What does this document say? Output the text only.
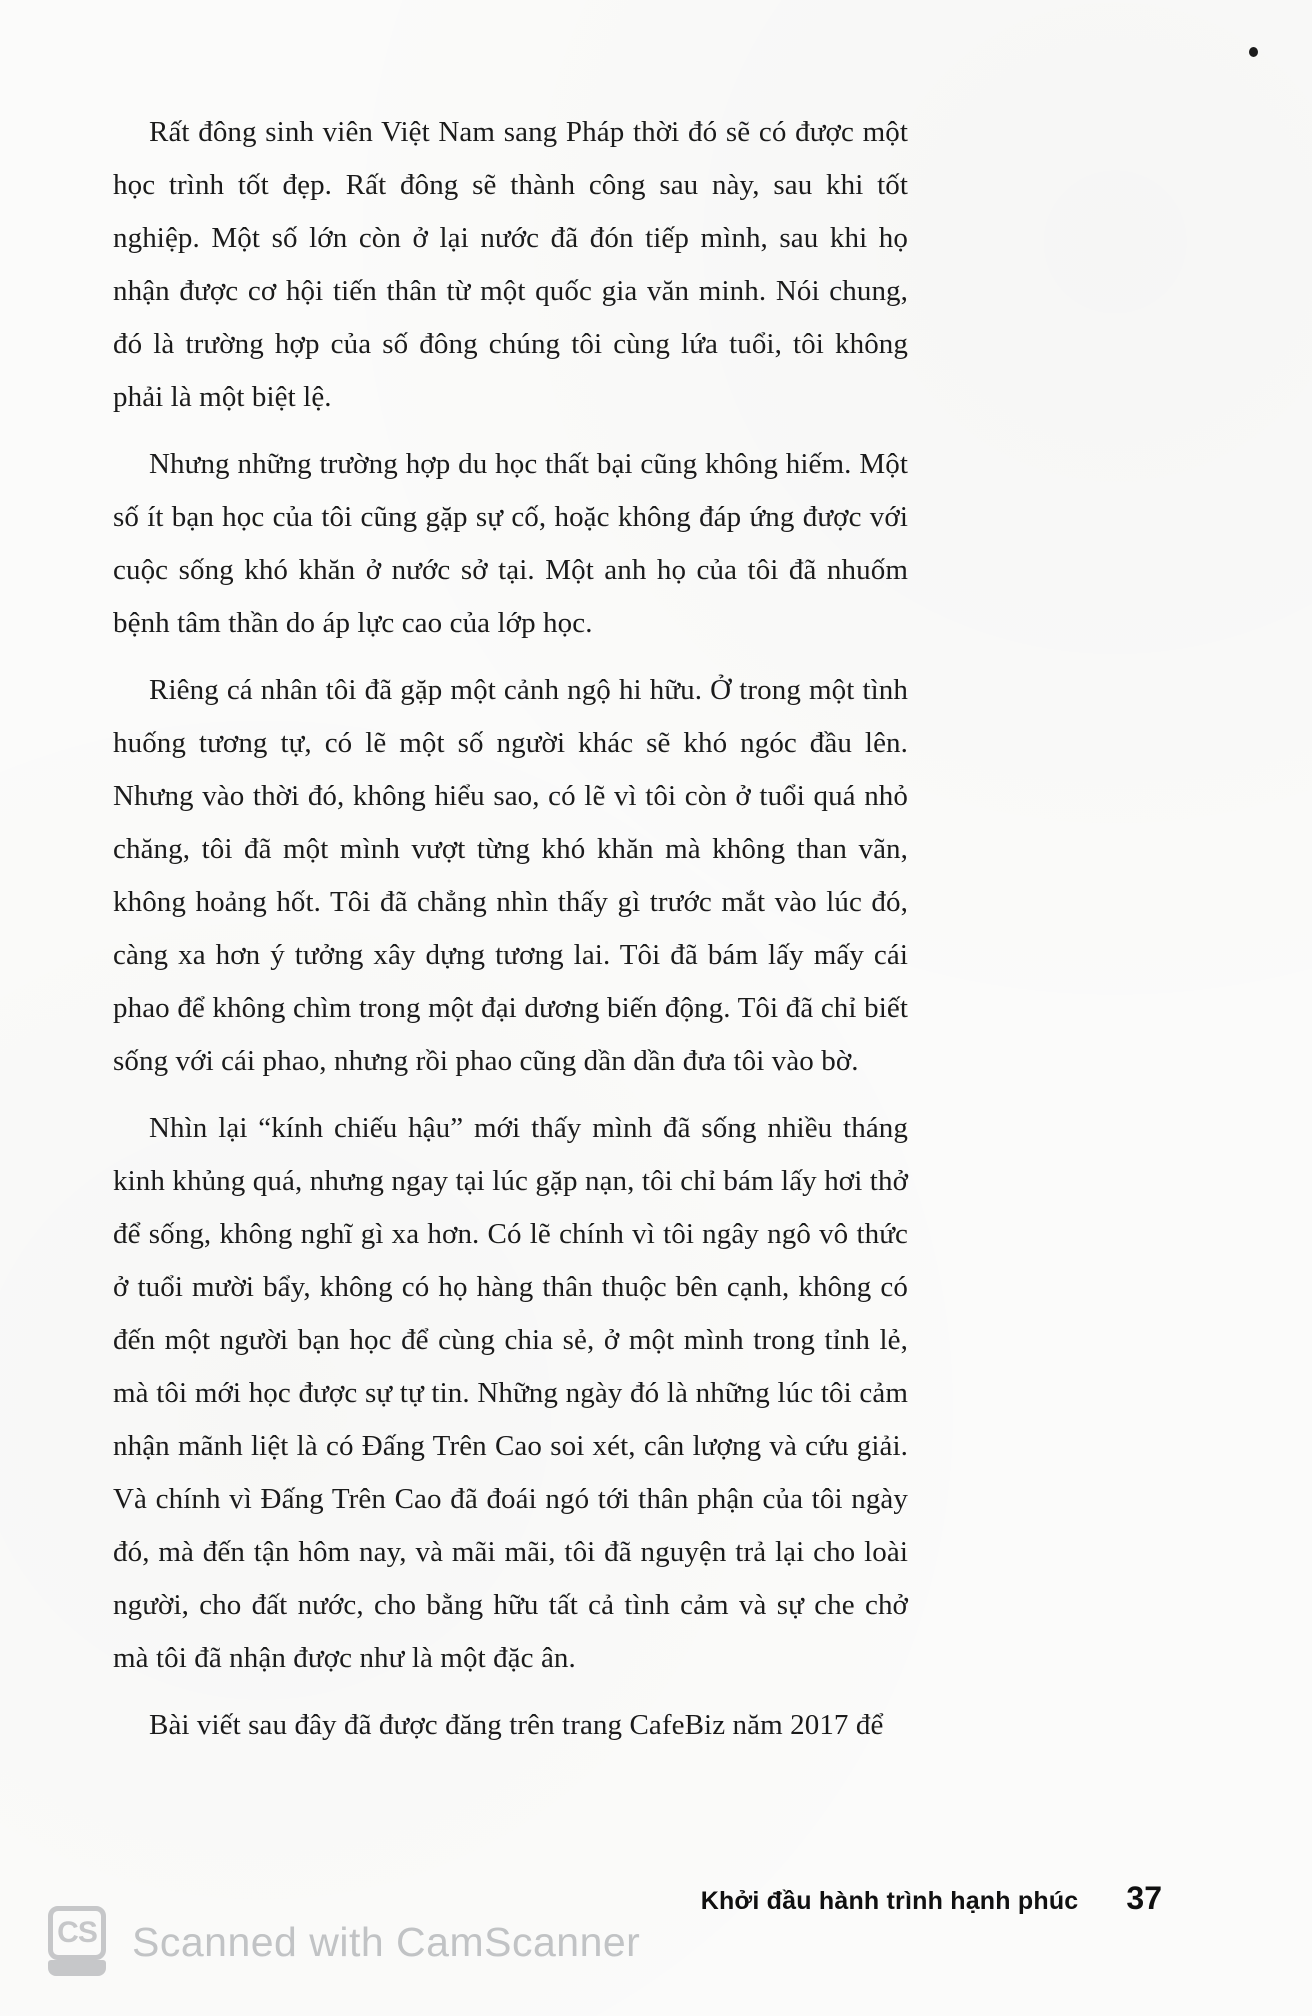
Rất đông sinh viên Việt Nam sang Pháp thời đó sẽ có được một học trình tốt đẹp. Rất đông sẽ thành công sau này, sau khi tốt nghiệp. Một số lớn còn ở lại nước đã đón tiếp mình, sau khi họ nhận được cơ hội tiến thân từ một quốc gia văn minh. Nói chung, đó là trường hợp của số đông chúng tôi cùng lứa tuổi, tôi không phải là một biệt lệ.

Nhưng những trường hợp du học thất bại cũng không hiếm. Một số ít bạn học của tôi cũng gặp sự cố, hoặc không đáp ứng được với cuộc sống khó khăn ở nước sở tại. Một anh họ của tôi đã nhuốm bệnh tâm thần do áp lực cao của lớp học.

Riêng cá nhân tôi đã gặp một cảnh ngộ hi hữu. Ở trong một tình huống tương tự, có lẽ một số người khác sẽ khó ngóc đầu lên. Nhưng vào thời đó, không hiểu sao, có lẽ vì tôi còn ở tuổi quá nhỏ chăng, tôi đã một mình vượt từng khó khăn mà không than vãn, không hoảng hốt. Tôi đã chẳng nhìn thấy gì trước mắt vào lúc đó, càng xa hơn ý tưởng xây dựng tương lai. Tôi đã bám lấy mấy cái phao để không chìm trong một đại dương biến động. Tôi đã chỉ biết sống với cái phao, nhưng rồi phao cũng dần dần đưa tôi vào bờ.

Nhìn lại “kính chiếu hậu” mới thấy mình đã sống nhiều tháng kinh khủng quá, nhưng ngay tại lúc gặp nạn, tôi chỉ bám lấy hơi thở để sống, không nghĩ gì xa hơn. Có lẽ chính vì tôi ngây ngô vô thức ở tuổi mười bẩy, không có họ hàng thân thuộc bên cạnh, không có đến một người bạn học để cùng chia sẻ, ở một mình trong tỉnh lẻ, mà tôi mới học được sự tự tin. Những ngày đó là những lúc tôi cảm nhận mãnh liệt là có Đấng Trên Cao soi xét, cân lượng và cứu giải. Và chính vì Đấng Trên Cao đã đoái ngó tới thân phận của tôi ngày đó, mà đến tận hôm nay, và mãi mãi, tôi đã nguyện trả lại cho loài người, cho đất nước, cho bằng hữu tất cả tình cảm và sự che chở mà tôi đã nhận được như là một đặc ân.

Bài viết sau đây đã được đăng trên trang CafeBiz năm 2017 để

Khởi đầu hành trình hạnh phúc 37
CS Scanned with CamScanner
